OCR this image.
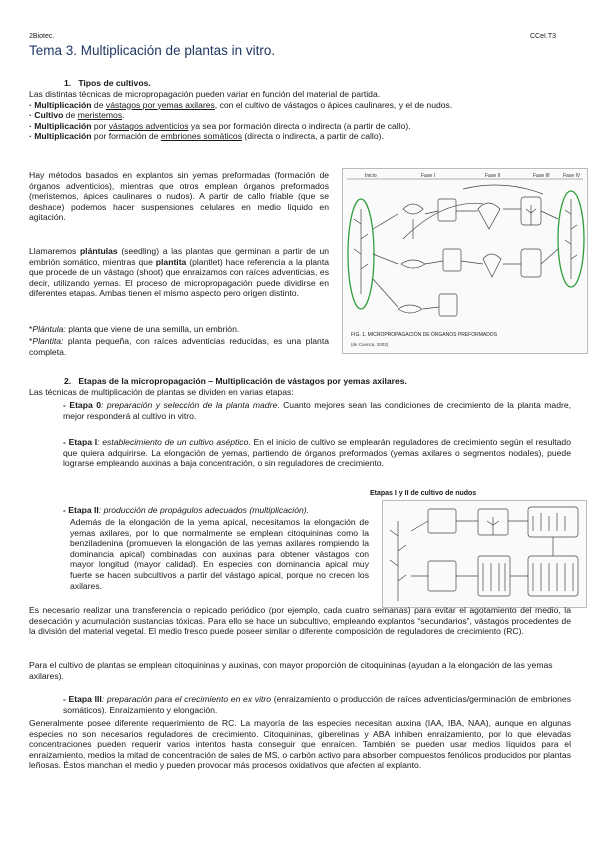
2Biotec.	CCeI.T3
Tema 3. Multiplicación de plantas in vitro.
1.   Tipos de cultivos.
Las distintas técnicas de micropropagación pueden variar en función del material de partida.
· Multiplicación de vástagos por yemas axilares, con el cultivo de vástagos o ápices caulinares, y el de nudos.
· Cultivo de meristemos.
· Multiplicación por vástagos adventicios ya sea por formación directa o indirecta (a partir de callo).
· Multiplicación por formación de embriones somáticos (directa o indirecta, a partir de callo).
Hay métodos basados en explantos sin yemas preformadas (formación de órganos adventicios), mientras que otros emplean órganos preformados (meristemos, ápices caulinares o nudos). A partir de callo friable (que se deshace) podemos hacer suspensiones celulares en medio líquido en agitación.
Llamaremos plántulas (seedling) a las plantas que germinan a partir de un embrión somático, mientras que plantita (plantlet) hace referencia a la planta que procede de un vástago (shoot) que enraizamos con raíces adventicias, es decir, utilizando yemas. El proceso de micropropagación puede dividirse en diferentes etapas. Ambas tienen el mismo aspecto pero origen distinto.
*Plántula: planta que viene de una semilla, un embrión.
*Plantita: planta pequeña, con raíces adventicias reducidas, es una planta completa.
Inicio	Fase I	Fase II	Fase III	Fase IV
FIG. 1. MICROPROPAGACIÓN DE ÓRGANOS PREFORMADOS
(de Cuenca, 2003)
2.   Etapas de la micropropagación – Multiplicación de vástagos por yemas axilares.
Las técnicas de multiplicación de plantas se dividen en varias etapas:
- Etapa 0: preparación y selección de la planta madre. Cuanto mejores sean las condiciones de crecimiento de la planta madre, mejor responderá al cultivo in vitro.
- Etapa I: establecimiento de un cultivo aséptico. En el inicio de cultivo se emplearán reguladores de crecimiento según el resultado que quiera adquirirse. La elongación de yemas, partiendo de órganos preformados (yemas axilares o segmentos nodales), puede lograrse empleando auxinas a baja concentración, o sin reguladores de crecimiento.
Etapas I y II de cultivo de nudos
- Etapa II: producción de propágulos adecuados (multiplicación).
Además de la elongación de la yema apical, necesitamos la elongación de yemas axilares, por lo que normalmente se emplean citoquininas como la benziladenina (promueven la elongación de las yemas axilares rompiendo la dominancia apical) combinadas con auxinas para obtener vástagos con mayor longitud (mayor calidad). En especies con dominancia apical muy fuerte se hacen subcultivos a partir del vástago apical, porque no crecen los axilares.
Es necesario realizar una transferencia o repicado periódico (por ejemplo, cada cuatro semanas) para evitar el agotamiento del medio, la desecación y acumulación sustancias tóxicas. Para ello se hace un subcultivo, empleando explantos “secundarios”, vástagos procedentes de la división del material vegetal. El medio fresco puede poseer similar o diferente composición de reguladores de crecimiento (RC).
Para el cultivo de plantas se emplean citoquininas y auxinas, con mayor proporción de citoquininas (ayudan a la elongación de las yemas axilares).
- Etapa III: preparación para el crecimiento en ex vitro (enraizamiento o producción de raíces adventicias/germinación de embriones somáticos). Enraizamiento y elongación.
Generalmente posee diferente requerimiento de RC. La mayoría de las especies necesitan auxina (IAA, IBA, NAA), aunque en algunas especies no son necesarios reguladores de crecimiento. Citoquininas, giberelinas y ABA inhiben enraizamiento, por lo que elevadas concentraciones pueden requerir varios intentos hasta conseguir que enraícen. También se pueden usar medios líquidos para el enraizamiento, medios la mitad de concentración de sales de MS, o carbón activo para absorber compuestos fenólicos producidos por plantas leñosas. Éstos manchan el medio y pueden provocar más procesos oxidativos que afecten al explanto.
